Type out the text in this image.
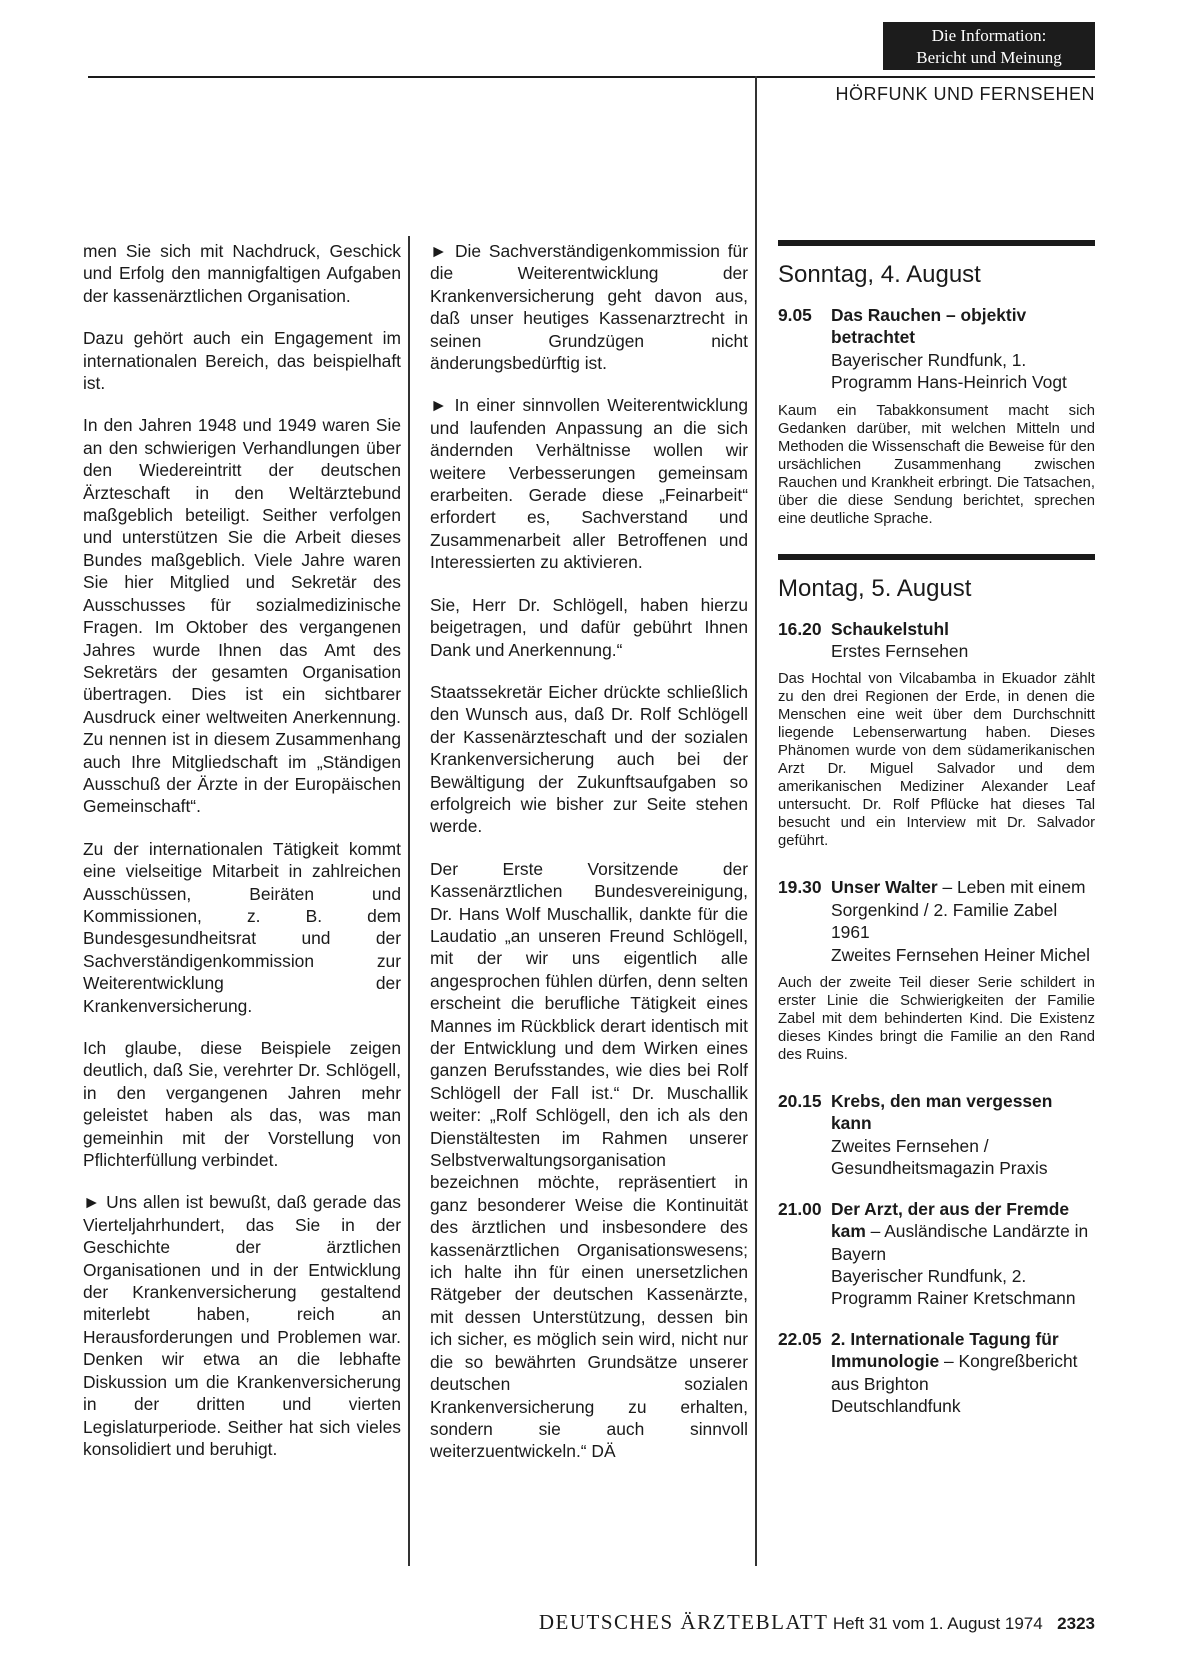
Die Information:
Bericht und Meinung
HÖRFUNK UND FERNSEHEN

men Sie sich mit Nachdruck, Geschick und Erfolg den mannigfaltigen Aufgaben der kassenärztlichen Organisation.

Dazu gehört auch ein Engagement im internationalen Bereich, das beispielhaft ist.

In den Jahren 1948 und 1949 waren Sie an den schwierigen Verhandlungen über den Wiedereintritt der deutschen Ärzteschaft in den Weltärztebund maßgeblich beteiligt. Seither verfolgen und unterstützen Sie die Arbeit dieses Bundes maßgeblich. Viele Jahre waren Sie hier Mitglied und Sekretär des Ausschusses für sozialmedizinische Fragen. Im Oktober des vergangenen Jahres wurde Ihnen das Amt des Sekretärs der gesamten Organisation übertragen. Dies ist ein sichtbarer Ausdruck einer weltweiten Anerkennung. Zu nennen ist in diesem Zusammenhang auch Ihre Mitgliedschaft im „Ständigen Ausschuß der Ärzte in der Europäischen Gemeinschaft“.

Zu der internationalen Tätigkeit kommt eine vielseitige Mitarbeit in zahlreichen Ausschüssen, Beiräten und Kommissionen, z. B. dem Bundesgesundheitsrat und der Sachverständigenkommission zur Weiterentwicklung der Krankenversicherung.

Ich glaube, diese Beispiele zeigen deutlich, daß Sie, verehrter Dr. Schlögell, in den vergangenen Jahren mehr geleistet haben als das, was man gemeinhin mit der Vorstellung von Pflichterfüllung verbindet.

► Uns allen ist bewußt, daß gerade das Vierteljahrhundert, das Sie in der Geschichte der ärztlichen Organisationen und in der Entwicklung der Krankenversicherung gestaltend miterlebt haben, reich an Herausforderungen und Problemen war. Denken wir etwa an die lebhafte Diskussion um die Krankenversicherung in der dritten und vierten Legislaturperiode. Seither hat sich vieles konsolidiert und beruhigt.

► Die Sachverständigenkommission für die Weiterentwicklung der Krankenversicherung geht davon aus, daß unser heutiges Kassenarztrecht in seinen Grundzügen nicht änderungsbedürftig ist.

► In einer sinnvollen Weiterentwicklung und laufenden Anpassung an die sich ändernden Verhältnisse wollen wir weitere Verbesserungen gemeinsam erarbeiten. Gerade diese „Feinarbeit“ erfordert es, Sachverstand und Zusammenarbeit aller Betroffenen und Interessierten zu aktivieren.

Sie, Herr Dr. Schlögell, haben hierzu beigetragen, und dafür gebührt Ihnen Dank und Anerkennung.“

Staatssekretär Eicher drückte schließlich den Wunsch aus, daß Dr. Rolf Schlögell der Kassenärzteschaft und der sozialen Krankenversicherung auch bei der Bewältigung der Zukunftsaufgaben so erfolgreich wie bisher zur Seite stehen werde.

Der Erste Vorsitzende der Kassenärztlichen Bundesvereinigung, Dr. Hans Wolf Muschallik, dankte für die Laudatio „an unseren Freund Schlögell, mit der wir uns eigentlich alle angesprochen fühlen dürfen, denn selten erscheint die berufliche Tätigkeit eines Mannes im Rückblick derart identisch mit der Entwicklung und dem Wirken eines ganzen Berufsstandes, wie dies bei Rolf Schlögell der Fall ist.“ Dr. Muschallik weiter: „Rolf Schlögell, den ich als den Dienstältesten im Rahmen unserer Selbstverwaltungsorganisation bezeichnen möchte, repräsentiert in ganz besonderer Weise die Kontinuität des ärztlichen und insbesondere des kassenärztlichen Organisationswesens; ich halte ihn für einen unersetzlichen Rätgeber der deutschen Kassenärzte, mit dessen Unterstützung, dessen bin ich sicher, es möglich sein wird, nicht nur die so bewährten Grundsätze unserer deutschen sozialen Krankenversicherung zu erhalten, sondern sie auch sinnvoll weiterzuentwickeln.“ DÄ

Sonntag, 4. August
9.05	Das Rauchen – objektiv betrachtet
Bayerischer Rundfunk, 1. Programm Hans-Heinrich Vogt
Kaum ein Tabakkonsument macht sich Gedanken darüber, mit welchen Mitteln und Methoden die Wissenschaft die Beweise für den ursächlichen Zusammenhang zwischen Rauchen und Krankheit erbringt. Die Tatsachen, über die diese Sendung berichtet, sprechen eine deutliche Sprache.
Montag, 5. August
16.20 Schaukelstuhl
Erstes Fernsehen
Das Hochtal von Vilcabamba in Ekuador zählt zu den drei Regionen der Erde, in denen die Menschen eine weit über dem Durchschnitt liegende Lebenserwartung haben. Dieses Phänomen wurde von dem südamerikanischen Arzt Dr. Miguel Salvador und dem amerikanischen Mediziner Alexander Leaf untersucht. Dr. Rolf Pflücke hat dieses Tal besucht und ein Interview mit Dr. Salvador geführt.
19.30 Unser Walter – Leben mit einem Sorgenkind / 2. Familie Zabel 1961
Zweites Fernsehen Heiner Michel
Auch der zweite Teil dieser Serie schildert in erster Linie die Schwierigkeiten der Familie Zabel mit dem behinderten Kind. Die Existenz dieses Kindes bringt die Familie an den Rand des Ruins.
20.15 Krebs, den man vergessen kann
Zweites Fernsehen / Gesundheitsmagazin Praxis
21.00 Der Arzt, der aus der Fremde kam – Ausländische Landärzte in Bayern
Bayerischer Rundfunk, 2. Programm Rainer Kretschmann
22.05 2. Internationale Tagung für Immunologie – Kongreßbericht aus Brighton
Deutschlandfunk
DEUTSCHES ÄRZTEBLATT Heft 31 vom 1. August 1974 2323
